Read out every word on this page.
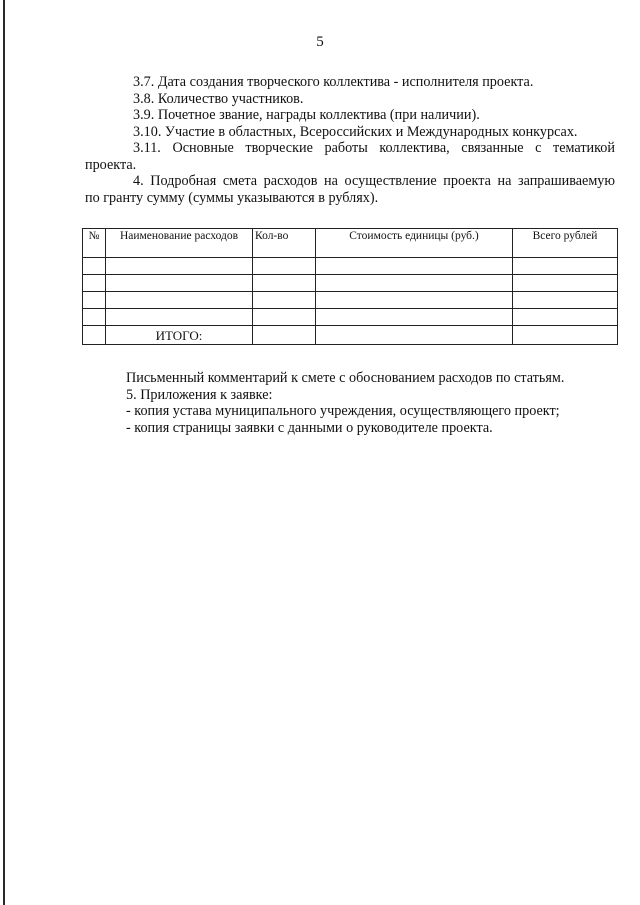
5

3.7. Дата создания творческого коллектива - исполнителя проекта.

3.8. Количество участников.

3.9. Почетное звание, награды коллектива (при наличии).

3.10. Участие в областных, Всероссийских и Международных конкурсах.

3.11. Основные творческие работы коллектива, связанные с тематикой

проекта.

4. Подробная смета расходов на осуществление проекта на запрашиваемую

по гранту сумму (суммы указываются в рублях).

№	Наименование расходов	Кол-во	Стоимость единицы (руб.)	Всего рублей

	ИТОГО:			

Письменный комментарий к смете с обоснованием расходов по статьям.

5. Приложения к заявке:

- копия устава муниципального учреждения, осуществляющего проект;

- копия страницы заявки с данными о руководителе проекта.
